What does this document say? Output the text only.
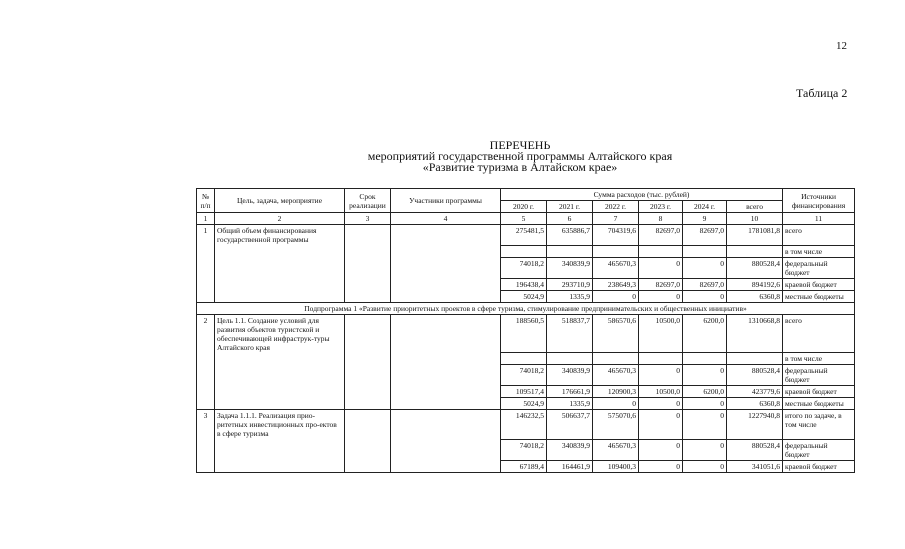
12
Таблица 2
ПЕРЕЧЕНЬ
мероприятий государственной программы Алтайского края
«Развитие туризма в Алтайском крае»
№ п/п	Цель, задача, мероприятие	Срок реализации	Участники программы	Сумма расходов (тыс. рублей)						Источники финансирования
				2020 г.	2021 г.	2022 г.	2023 г.	2024 г.	всего	
1	2	3	4	5	6	7	8	9	10	11
1	Общий объем финансирования государственной программы			275481,5	635886,7	704319,6	82697,0	82697,0	1781081,8	всего
										в том числе
				74018,2	340839,9	465670,3	0	0	880528,4	федеральный бюджет
				196438,4	293710,9	238649,3	82697,0	82697,0	894192,6	краевой бюджет
				5024,9	1335,9	0	0	0	6360,8	местные бюджеты
Подпрограмма 1 «Развитие приоритетных проектов в сфере туризма, стимулирование предпринимательских и общественных инициатив»										
2	Цель 1.1. Создание условий для развития объектов туристской и обеспечивающей инфраструк-туры Алтайского края			188560,5	518837,7	586570,6	10500,0	6200,0	1310668,8	всего
										в том числе
				74018,2	340839,9	465670,3	0	0	880528,4	федеральный бюджет
				109517,4	176661,9	120900,3	10500,0	6200,0	423779,6	краевой бюджет
				5024,9	1335,9	0	0	0	6360,8	местные бюджеты
3	Задача 1.1.1. Реализация прио-ритетных инвестиционных про-ектов в сфере туризма			146232,5	506637,7	575070,6	0	0	1227940,8	итого по задаче, в том числе
				74018,2	340839,9	465670,3	0	0	880528,4	федеральный бюджет
				67189,4	164461,9	109400,3	0	0	341051,6	краевой бюджет
